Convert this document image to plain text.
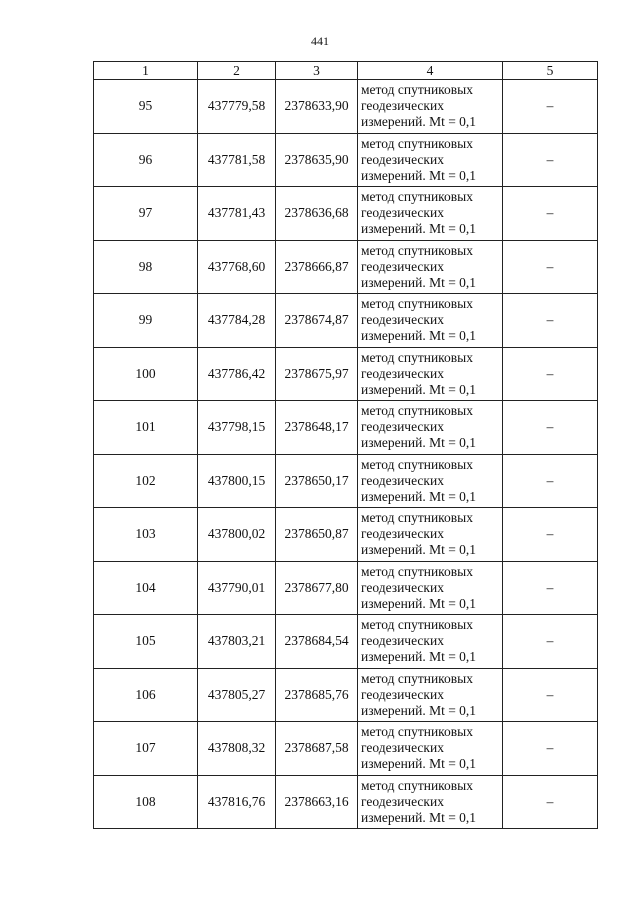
441
1	2	3	4	5
95	437779,58	2378633,90	метод спутниковых
геодезических
измерений. Mt = 0,1	–
96	437781,58	2378635,90	метод спутниковых
геодезических
измерений. Mt = 0,1	–
97	437781,43	2378636,68	метод спутниковых
геодезических
измерений. Mt = 0,1	–
98	437768,60	2378666,87	метод спутниковых
геодезических
измерений. Mt = 0,1	–
99	437784,28	2378674,87	метод спутниковых
геодезических
измерений. Mt = 0,1	–
100	437786,42	2378675,97	метод спутниковых
геодезических
измерений. Mt = 0,1	–
101	437798,15	2378648,17	метод спутниковых
геодезических
измерений. Mt = 0,1	–
102	437800,15	2378650,17	метод спутниковых
геодезических
измерений. Mt = 0,1	–
103	437800,02	2378650,87	метод спутниковых
геодезических
измерений. Mt = 0,1	–
104	437790,01	2378677,80	метод спутниковых
геодезических
измерений. Mt = 0,1	–
105	437803,21	2378684,54	метод спутниковых
геодезических
измерений. Mt = 0,1	–
106	437805,27	2378685,76	метод спутниковых
геодезических
измерений. Mt = 0,1	–
107	437808,32	2378687,58	метод спутниковых
геодезических
измерений. Mt = 0,1	–
108	437816,76	2378663,16	метод спутниковых
геодезических
измерений. Mt = 0,1	–
